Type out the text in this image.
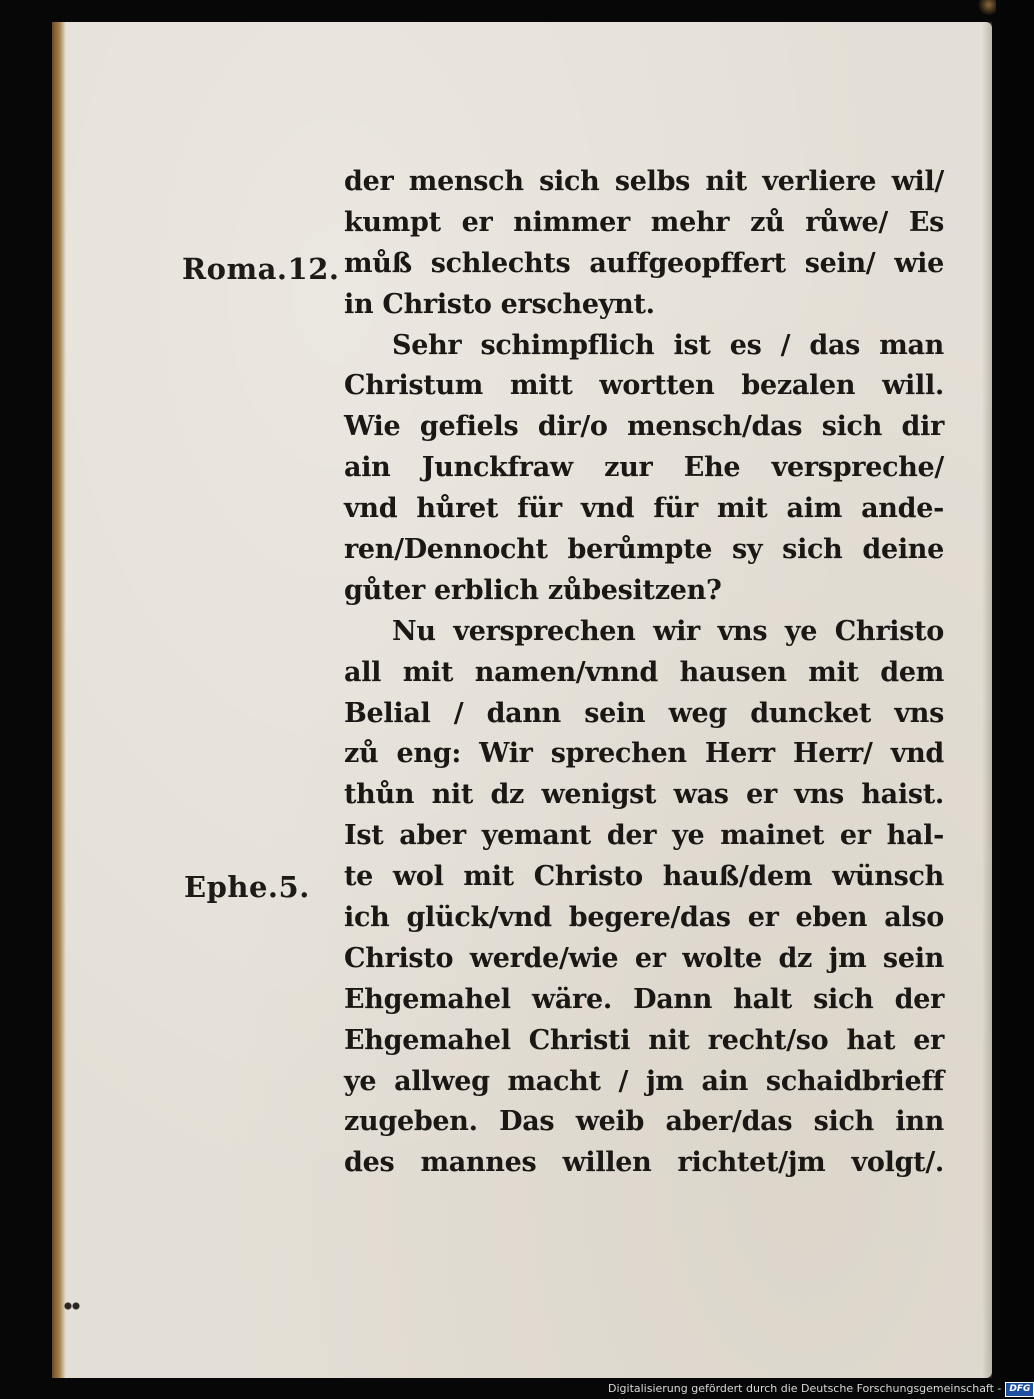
Roma.12.
Ephe.5.
der mensch sich selbs nit verliere wil/
kumpt er nimmer mehr zů růwe/ Es
můß schlechts auffgeopffert sein/ wie
in Christo erscheynt.
Sehr schimpflich ist es / das man
Christum mitt wortten bezalen will.
Wie gefiels dir/o mensch/das sich dir
ain Junckfraw zur Ehe verspreche/
vnd hůret für vnd für mit aim ande-
ren/Dennocht berůmpte sy sich deine
gůter erblich zůbesitzen?
Nu versprechen wir vns ye Christo
all mit namen/vnnd hausen mit dem
Belial / dann sein weg duncket vns
zů eng: Wir sprechen Herr Herr/ vnd
thůn nit dz wenigst was er vns haist.
Ist aber yemant der ye mainet er hal-
te wol mit Christo hauß/dem wünsch
ich glück/vnd begere/das er eben also
Christo werde/wie er wolte dz jm sein
Ehgemahel wäre. Dann halt sich der
Ehgemahel Christi nit recht/so hat er
ye allweg macht / jm ain schaidbrieff
zugeben. Das weib aber/das sich inn
des mannes willen richtet/jm volgt/.
Digitalisierung gefördert durch die Deutsche Forschungsgemeinschaft - DFG
